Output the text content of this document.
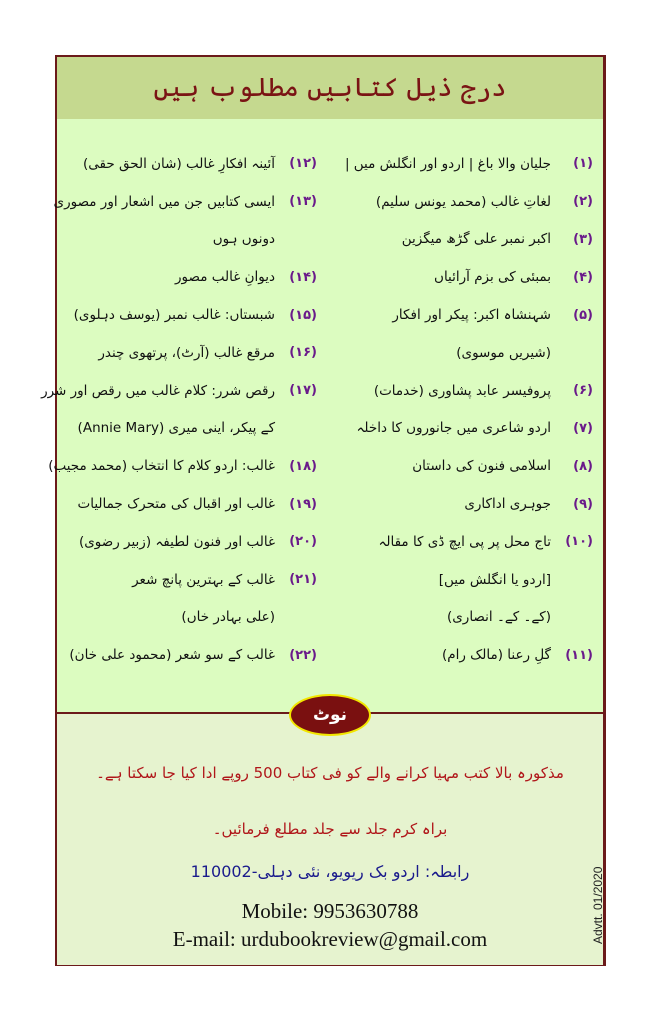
درج ذیل کتابیں مطلوب ہیں
(۱)
جلیان والا باغ | اردو اور انگلش میں |
(۲)
لغاتِ غالب (محمد یونس سلیم)
(۳)
اکبر نمبر علی گڑھ میگزین
(۴)
بمبئی کی بزم آرائیاں
(۵)
شہنشاہ اکبر: پیکر اور افکار
(شیریں موسوی)
(۶)
پروفیسر عابد پشاوری (خدمات)
(۷)
اردو شاعری میں جانوروں کا داخلہ
(۸)
اسلامی فنون کی داستان
(۹)
جوہری اداکاری
(۱۰)
تاج محل پر پی ایچ ڈی کا مقالہ
[اردو یا انگلش میں]
(کے۔ کے۔ انصاری)
(۱۱)
گلِ رعنا (مالک رام)
(۱۲)
آئینہ افکارِ غالب (شان الحق حقی)
(۱۳)
ایسی کتابیں جن میں اشعار اور مصوری
دونوں ہوں
(۱۴)
دیوانِ غالب مصور
(۱۵)
شبستاں: غالب نمبر (یوسف دہلوی)
(۱۶)
مرقع غالب (آرٹ)، پرتھوی چندر
(۱۷)
رقص شرر: کلام غالب میں رقص اور شرر
کے پیکر، اینی میری (Annie Mary)
(۱۸)
غالب: اردو کلام کا انتخاب (محمد مجیب)
(۱۹)
غالب اور اقبال کی متحرک جمالیات
(۲۰)
غالب اور فنون لطیفہ (زبیر رضوی)
(۲۱)
غالب کے بہترین پانچ شعر
(علی بہادر خاں)
(۲۲)
غالب کے سو شعر (محمود علی خان)
نوٹ
مذکورہ بالا کتب مہیا کرانے والے کو فی کتاب 500 روپے ادا کیا جا سکتا ہے۔
براہ کرم جلد سے جلد مطلع فرمائیں۔
رابطہ: اردو بک ریویو، نئی دہلی-110002
Mobile: 9953630788
E-mail: urdubookreview@gmail.com	Advtt. 01/2020
